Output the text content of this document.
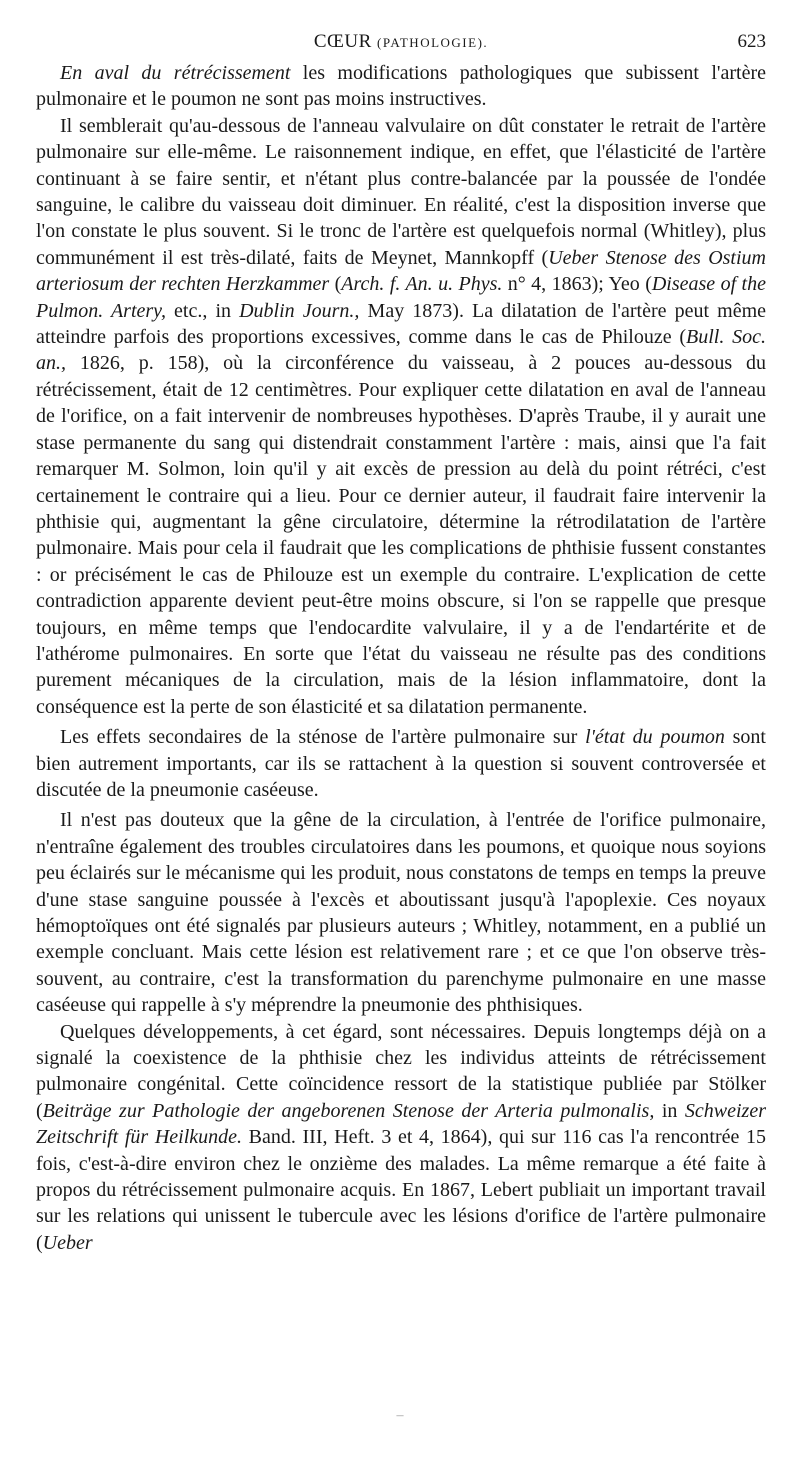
CŒUR (PATHOLOGIE).	623

En aval du rétrécissement les modifications pathologiques que subissent l'artère pulmonaire et le poumon ne sont pas moins instructives.

Il semblerait qu'au-dessous de l'anneau valvulaire on dût constater le retrait de l'artère pulmonaire sur elle-même. Le raisonnement indique, en effet, que l'élasticité de l'artère continuant à se faire sentir, et n'étant plus contre-balancée par la poussée de l'ondée sanguine, le calibre du vaisseau doit diminuer. En réalité, c'est la disposition inverse que l'on constate le plus souvent. Si le tronc de l'artère est quelquefois normal (Whitley), plus communément il est très-dilaté, faits de Meynet, Mannkopff (Ueber Stenose des Ostium arteriosum der rechten Herzkammer (Arch. f. An. u. Phys. n° 4, 1863); Yeo (Disease of the Pulmon. Artery, etc., in Dublin Journ., May 1873). La dilatation de l'artère peut même atteindre parfois des proportions excessives, comme dans le cas de Philouze (Bull. Soc. an., 1826, p. 158), où la circonférence du vaisseau, à 2 pouces au-dessous du rétrécissement, était de 12 centimètres. Pour expliquer cette dilatation en aval de l'anneau de l'orifice, on a fait intervenir de nombreuses hypothèses. D'après Traube, il y aurait une stase permanente du sang qui distendrait constamment l'artère : mais, ainsi que l'a fait remarquer M. Solmon, loin qu'il y ait excès de pression au delà du point rétréci, c'est certainement le contraire qui a lieu. Pour ce dernier auteur, il faudrait faire intervenir la phthisie qui, augmentant la gêne circulatoire, détermine la rétrodilatation de l'artère pulmonaire. Mais pour cela il faudrait que les complications de phthisie fussent constantes : or précisément le cas de Philouze est un exemple du contraire. L'explication de cette contradiction apparente devient peut-être moins obscure, si l'on se rappelle que presque toujours, en même temps que l'endocardite valvulaire, il y a de l'endartérite et de l'athérome pulmonaires. En sorte que l'état du vaisseau ne résulte pas des conditions purement mécaniques de la circulation, mais de la lésion inflammatoire, dont la conséquence est la perte de son élasticité et sa dilatation permanente.

Les effets secondaires de la sténose de l'artère pulmonaire sur l'état du poumon sont bien autrement importants, car ils se rattachent à la question si souvent controversée et discutée de la pneumonie caséeuse.

Il n'est pas douteux que la gêne de la circulation, à l'entrée de l'orifice pulmonaire, n'entraîne également des troubles circulatoires dans les poumons, et quoique nous soyions peu éclairés sur le mécanisme qui les produit, nous constatons de temps en temps la preuve d'une stase sanguine poussée à l'excès et aboutissant jusqu'à l'apoplexie. Ces noyaux hémoptoïques ont été signalés par plusieurs auteurs ; Whitley, notamment, en a publié un exemple concluant. Mais cette lésion est relativement rare ; et ce que l'on observe très-souvent, au contraire, c'est la transformation du parenchyme pulmonaire en une masse caséeuse qui rappelle à s'y méprendre la pneumonie des phthisiques.

Quelques développements, à cet égard, sont nécessaires. Depuis longtemps déjà on a signalé la coexistence de la phthisie chez les individus atteints de rétrécissement pulmonaire congénital. Cette coïncidence ressort de la statistique publiée par Stölker (Beiträge zur Pathologie der angeborenen Stenose der Arteria pulmonalis, in Schweizer Zeitschrift für Heilkunde. Band. III, Heft. 3 et 4, 1864), qui sur 116 cas l'a rencontrée 15 fois, c'est-à-dire environ chez le onzième des malades. La même remarque a été faite à propos du rétrécissement pulmonaire acquis. En 1867, Lebert publiait un important travail sur les relations qui unissent le tubercule avec les lésions d'orifice de l'artère pulmonaire (Ueber

–
